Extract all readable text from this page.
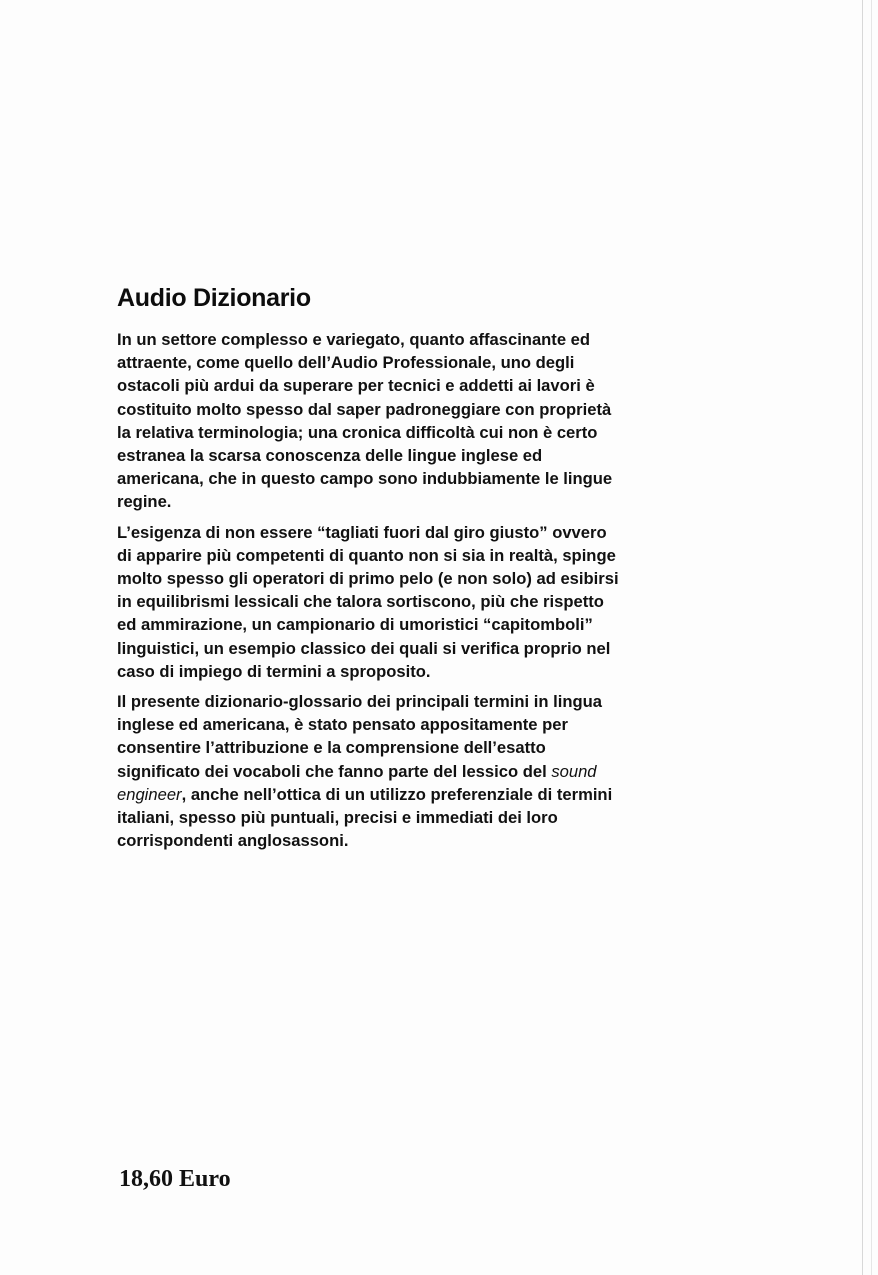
Audio Dizionario

In un settore complesso e variegato, quanto affascinante ed
attraente, come quello dell’Audio Professionale, uno degli
ostacoli più ardui da superare per tecnici e addetti ai lavori è
costituito molto spesso dal saper padroneggiare con proprietà
la relativa terminologia; una cronica difficoltà cui non è certo
estranea la scarsa conoscenza delle lingue inglese ed
americana, che in questo campo sono indubbiamente le lingue
regine.

L’esigenza di non essere “tagliati fuori dal giro giusto” ovvero
di apparire più competenti di quanto non si sia in realtà, spinge
molto spesso gli operatori di primo pelo (e non solo) ad esibirsi
in equilibrismi lessicali che talora sortiscono, più che rispetto
ed ammirazione, un campionario di umoristici “capitomboli”
linguistici, un esempio classico dei quali si verifica proprio nel
caso di impiego di termini a sproposito.

Il presente dizionario-glossario dei principali termini in lingua
inglese ed americana, è stato pensato appositamente per
consentire l’attribuzione e la comprensione dell’esatto
significato dei vocaboli che fanno parte del lessico del sound
engineer, anche nell’ottica di un utilizzo preferenziale di termini
italiani, spesso più puntuali, precisi e immediati dei loro
corrispondenti anglosassoni.

18,60 Euro
